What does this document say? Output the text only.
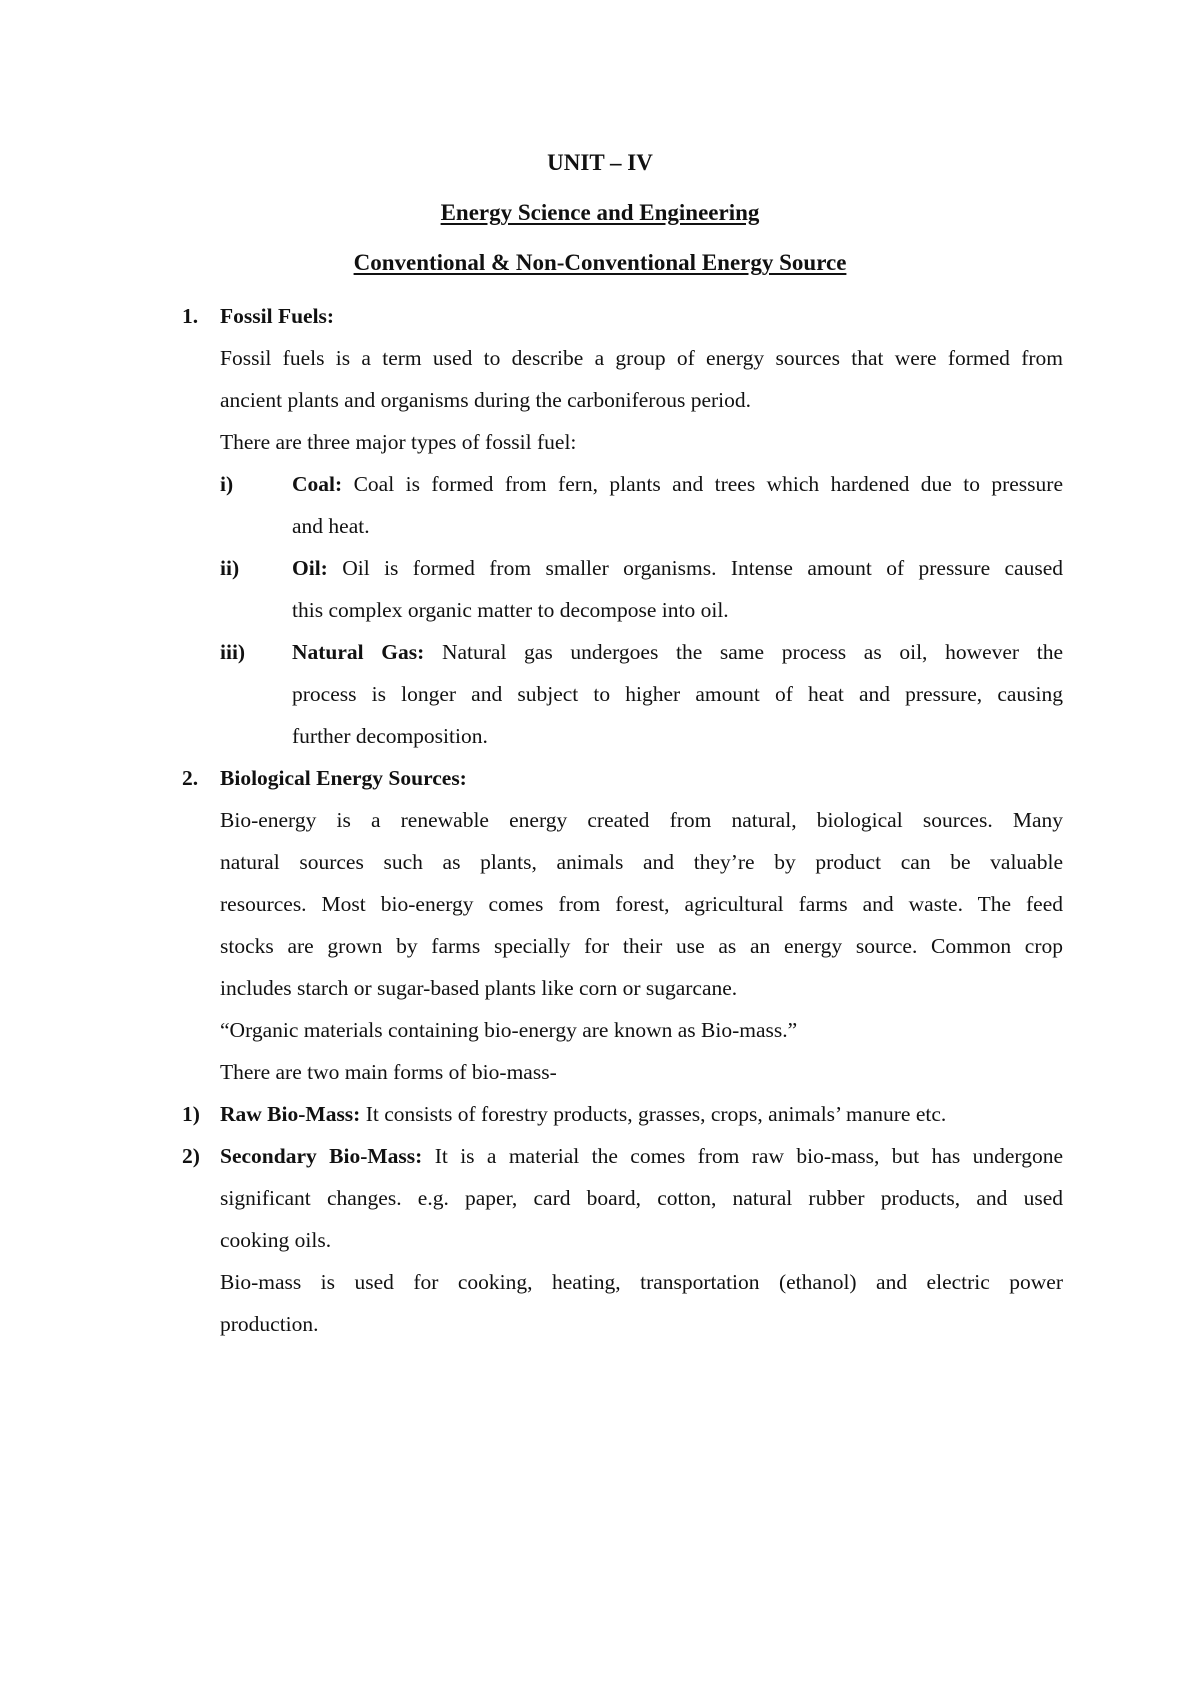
UNIT – IV
Energy Science and Engineering
Conventional & Non-Conventional Energy Source
1. Fossil Fuels:
Fossil fuels is a term used to describe a group of energy sources that were formed from
ancient plants and organisms during the carboniferous period.
There are three major types of fossil fuel:
i)	Coal: Coal is formed from fern, plants and trees which hardened due to pressure
and heat.
ii) Oil: Oil is formed from smaller organisms. Intense amount of pressure caused
this complex organic matter to decompose into oil.
iii) Natural Gas: Natural gas undergoes the same process as oil, however the
process is longer and subject to higher amount of heat and pressure, causing
further decomposition.
2. Biological Energy Sources:
Bio-energy is a renewable energy created from natural, biological sources. Many
natural sources such as plants, animals and they’re by product can be valuable
resources. Most bio-energy comes from forest, agricultural farms and waste. The feed
stocks are grown by farms specially for their use as an energy source. Common crop
includes starch or sugar-based plants like corn or sugarcane.
“Organic materials containing bio-energy are known as Bio-mass.”
There are two main forms of bio-mass-
1) Raw Bio-Mass: It consists of forestry products, grasses, crops, animals’ manure etc.
2) Secondary Bio-Mass: It is a material the comes from raw bio-mass, but has undergone
significant changes. e.g. paper, card board, cotton, natural rubber products, and used
cooking oils.
Bio-mass is used for cooking, heating, transportation (ethanol) and electric power
production.
